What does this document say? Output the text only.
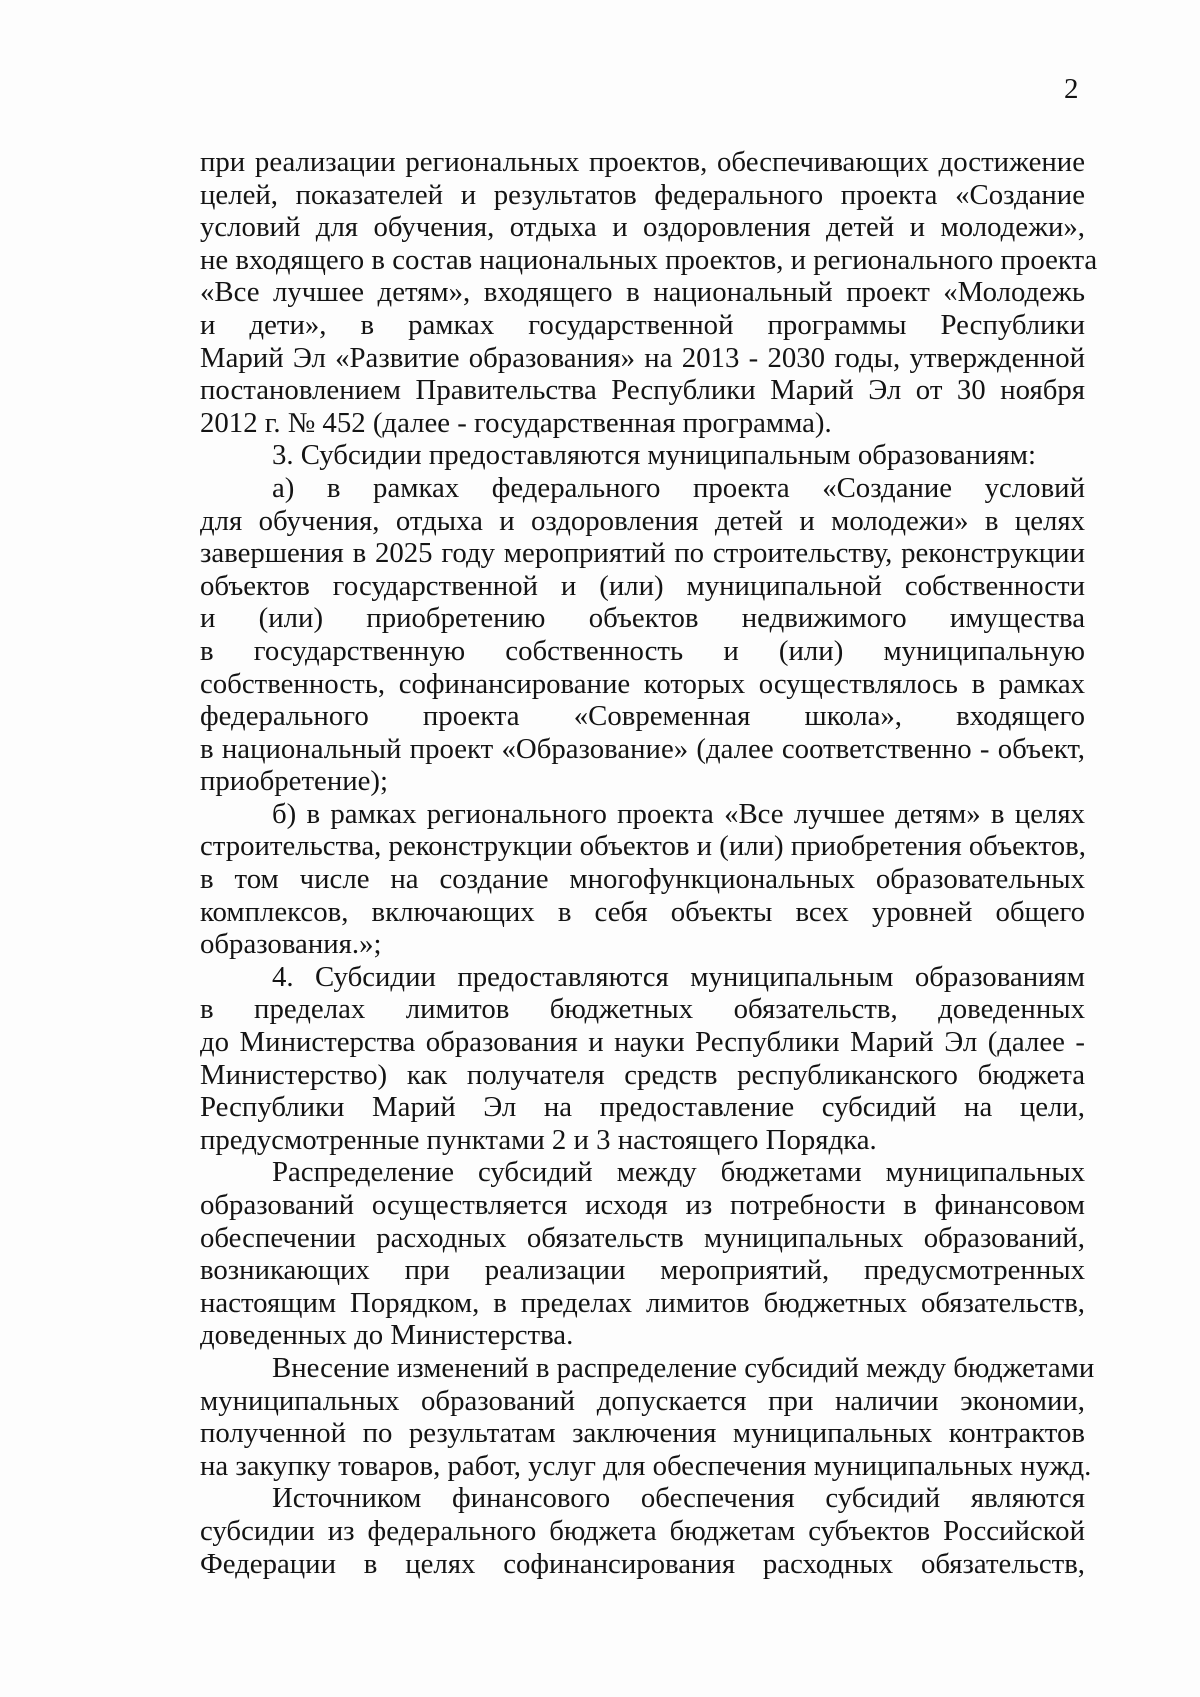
2
при реализации региональных проектов, обеспечивающих достижение
целей, показателей и результатов федерального проекта «Создание
условий для обучения, отдыха и оздоровления детей и молодежи»,
не входящего в состав национальных проектов, и регионального проекта
«Все лучшее детям», входящего в национальный проект «Молодежь
и дети», в рамках государственной программы Республики
Марий Эл «Развитие образования» на 2013 - 2030 годы, утвержденной
постановлением Правительства Республики Марий Эл от 30 ноября
2012 г. № 452 (далее - государственная программа).
3. Субсидии предоставляются муниципальным образованиям:
а) в рамках федерального проекта «Создание условий
для обучения, отдыха и оздоровления детей и молодежи» в целях
завершения в 2025 году мероприятий по строительству, реконструкции
объектов государственной и (или) муниципальной собственности
и (или) приобретению объектов недвижимого имущества
в государственную собственность и (или) муниципальную
собственность, софинансирование которых осуществлялось в рамках
федерального проекта «Современная школа», входящего
в национальный проект «Образование» (далее соответственно - объект,
приобретение);
б) в рамках регионального проекта «Все лучшее детям» в целях
строительства, реконструкции объектов и (или) приобретения объектов,
в том числе на создание многофункциональных образовательных
комплексов, включающих в себя объекты всех уровней общего
образования.»;
4. Субсидии предоставляются муниципальным образованиям
в пределах лимитов бюджетных обязательств, доведенных
до Министерства образования и науки Республики Марий Эл (далее -
Министерство) как получателя средств республиканского бюджета
Республики Марий Эл на предоставление субсидий на цели,
предусмотренные пунктами 2 и 3 настоящего Порядка.
Распределение субсидий между бюджетами муниципальных
образований осуществляется исходя из потребности в финансовом
обеспечении расходных обязательств муниципальных образований,
возникающих при реализации мероприятий, предусмотренных
настоящим Порядком, в пределах лимитов бюджетных обязательств,
доведенных до Министерства.
Внесение изменений в распределение субсидий между бюджетами
муниципальных образований допускается при наличии экономии,
полученной по результатам заключения муниципальных контрактов
на закупку товаров, работ, услуг для обеспечения муниципальных нужд.
Источником финансового обеспечения субсидий являются
субсидии из федерального бюджета бюджетам субъектов Российской
Федерации в целях софинансирования расходных обязательств,
